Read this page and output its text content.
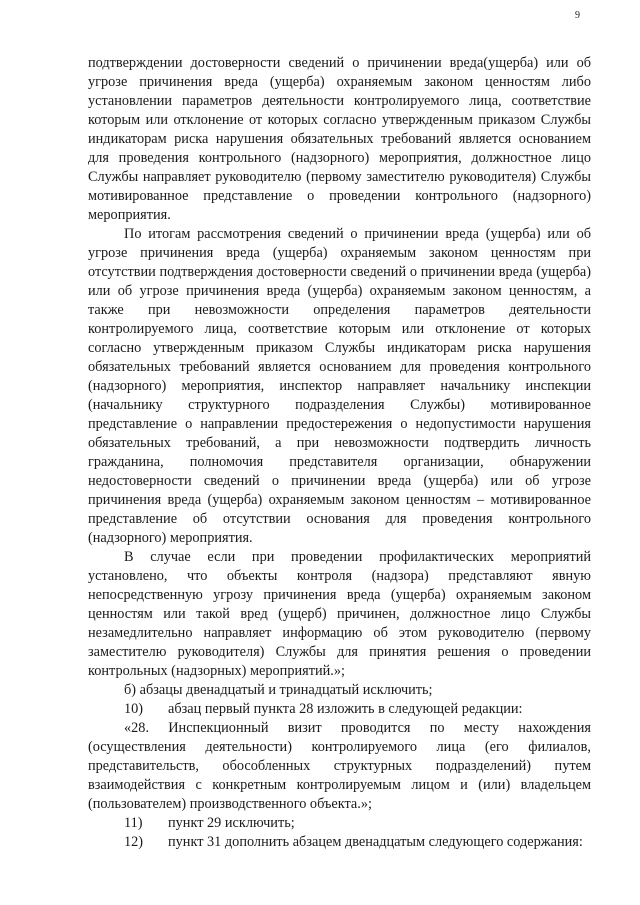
9

подтверждении достоверности сведений о причинении вреда(ущерба) или об угрозе причинения вреда (ущерба) охраняемым законом ценностям либо установлении параметров деятельности контролируемого лица, соответствие которым или отклонение от которых согласно утвержденным приказом Службы индикаторам риска нарушения обязательных требований является основанием для проведения контрольного (надзорного) мероприятия, должностное лицо Службы направляет руководителю (первому заместителю руководителя) Службы мотивированное представление о проведении контрольного (надзорного) мероприятия.

По итогам рассмотрения сведений о причинении вреда (ущерба) или об угрозе причинения вреда (ущерба) охраняемым законом ценностям при отсутствии подтверждения достоверности сведений о причинении вреда (ущерба) или об угрозе причинения вреда (ущерба) охраняемым законом ценностям, а также при невозможности определения параметров деятельности контролируемого лица, соответствие которым или отклонение от которых согласно утвержденным приказом Службы индикаторам риска нарушения обязательных требований является основанием для проведения контрольного (надзорного) мероприятия, инспектор направляет начальнику инспекции (начальнику структурного подразделения Службы) мотивированное представление о направлении предостережения о недопустимости нарушения обязательных требований, а при невозможности подтвердить личность гражданина, полномочия представителя организации, обнаружении недостоверности сведений о причинении вреда (ущерба) или об угрозе причинения вреда (ущерба) охраняемым законом ценностям – мотивированное представление об отсутствии основания для проведения контрольного (надзорного) мероприятия.

В случае если при проведении профилактических мероприятий установлено, что объекты контроля (надзора) представляют явную непосредственную угрозу причинения вреда (ущерба) охраняемым законом ценностям или такой вред (ущерб) причинен, должностное лицо Службы незамедлительно направляет информацию об этом руководителю (первому заместителю руководителя) Службы для принятия решения о проведении контрольных (надзорных) мероприятий.»;

б) абзацы двенадцатый и тринадцатый исключить;

10) абзац первый пункта 28 изложить в следующей редакции:

«28. Инспекционный визит проводится по месту нахождения (осуществления деятельности) контролируемого лица (его филиалов, представительств, обособленных структурных подразделений) путем взаимодействия с конкретным контролируемым лицом и (или) владельцем (пользователем) производственного объекта.»;

11) пункт 29 исключить;

12) пункт 31 дополнить абзацем двенадцатым следующего содержания:
